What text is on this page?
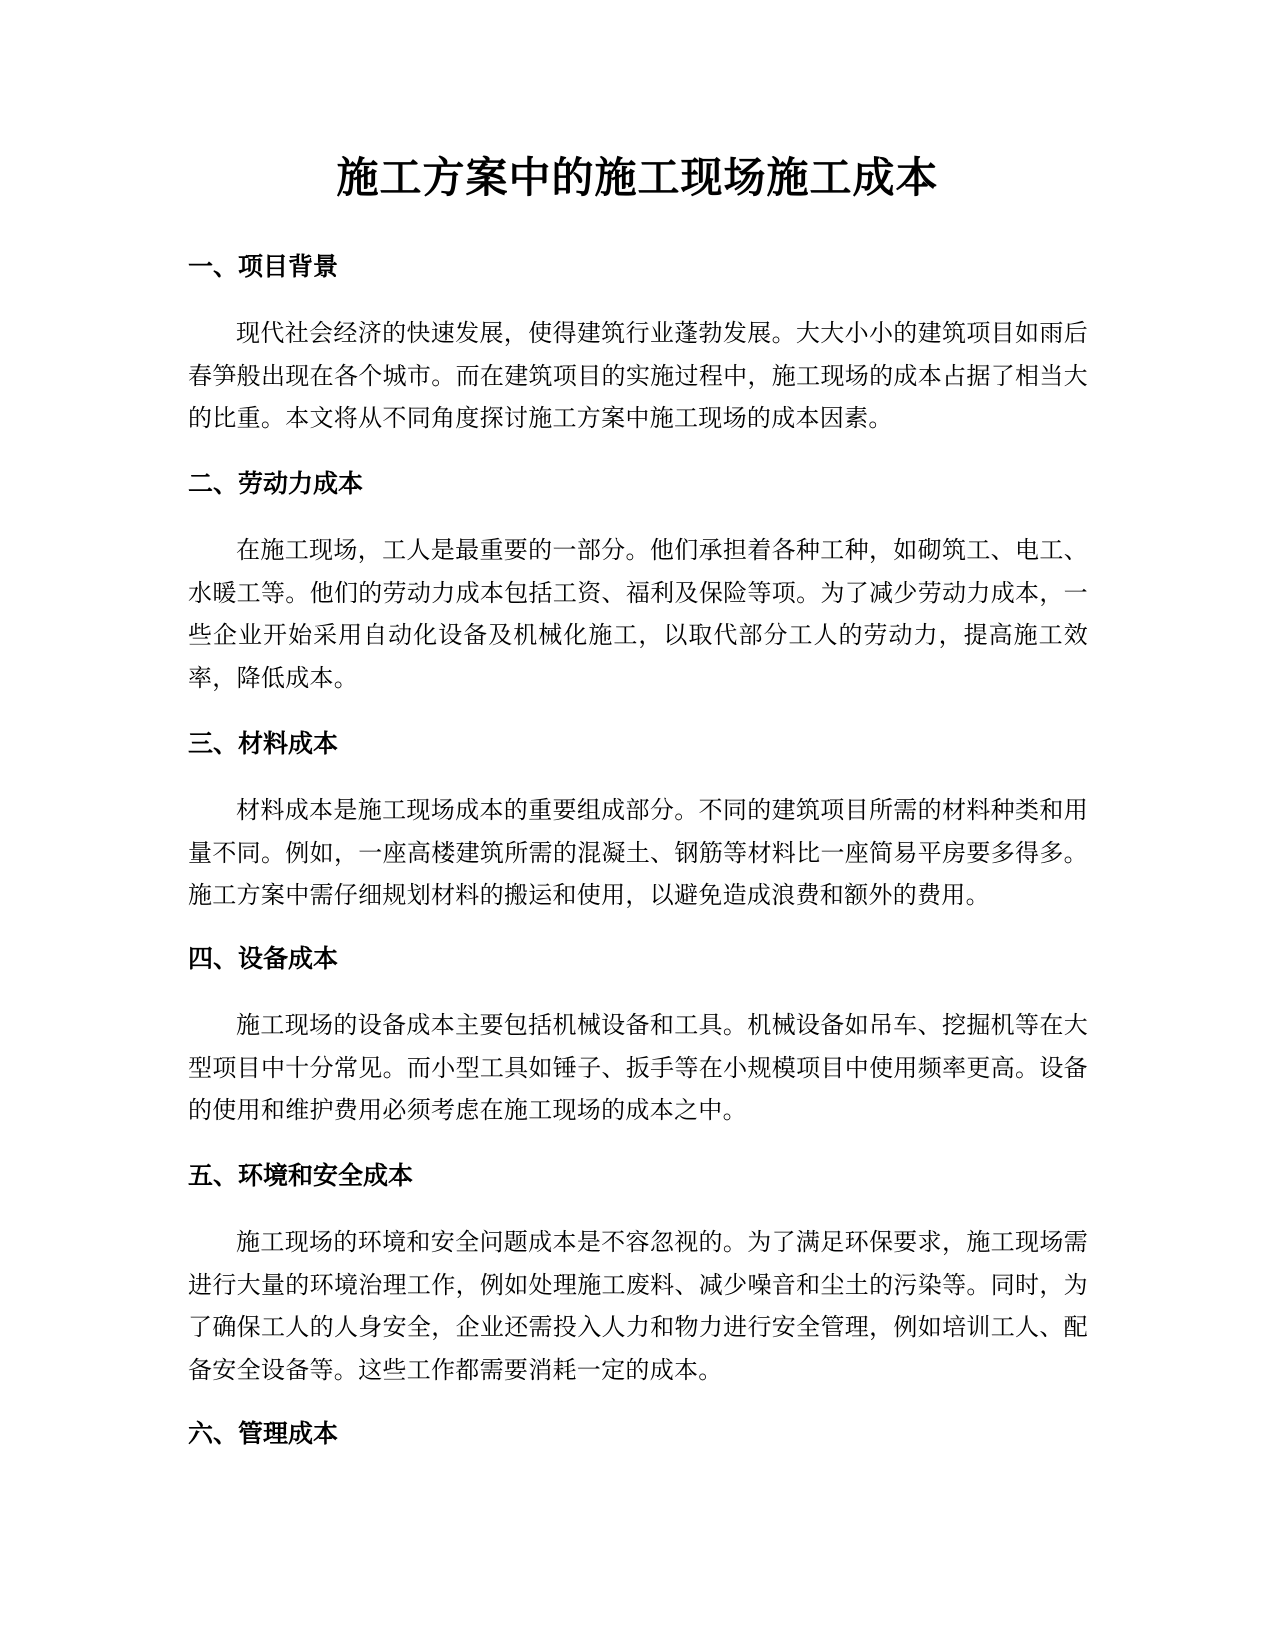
施工方案中的施工现场施工成本
一、项目背景

现代社会经济的快速发展，使得建筑行业蓬勃发展。大大小小的建筑项目如雨后春笋般出现在各个城市。而在建筑项目的实施过程中，施工现场的成本占据了相当大的比重。本文将从不同角度探讨施工方案中施工现场的成本因素。

二、劳动力成本

在施工现场，工人是最重要的一部分。他们承担着各种工种，如砌筑工、电工、水暖工等。他们的劳动力成本包括工资、福利及保险等项。为了减少劳动力成本，一些企业开始采用自动化设备及机械化施工，以取代部分工人的劳动力，提高施工效率，降低成本。

三、材料成本

材料成本是施工现场成本的重要组成部分。不同的建筑项目所需的材料种类和用量不同。例如，一座高楼建筑所需的混凝土、钢筋等材料比一座简易平房要多得多。施工方案中需仔细规划材料的搬运和使用，以避免造成浪费和额外的费用。

四、设备成本

施工现场的设备成本主要包括机械设备和工具。机械设备如吊车、挖掘机等在大型项目中十分常见。而小型工具如锤子、扳手等在小规模项目中使用频率更高。设备的使用和维护费用必须考虑在施工现场的成本之中。

五、环境和安全成本

施工现场的环境和安全问题成本是不容忽视的。为了满足环保要求，施工现场需进行大量的环境治理工作，例如处理施工废料、减少噪音和尘土的污染等。同时，为了确保工人的人身安全，企业还需投入人力和物力进行安全管理，例如培训工人、配备安全设备等。这些工作都需要消耗一定的成本。

六、管理成本
